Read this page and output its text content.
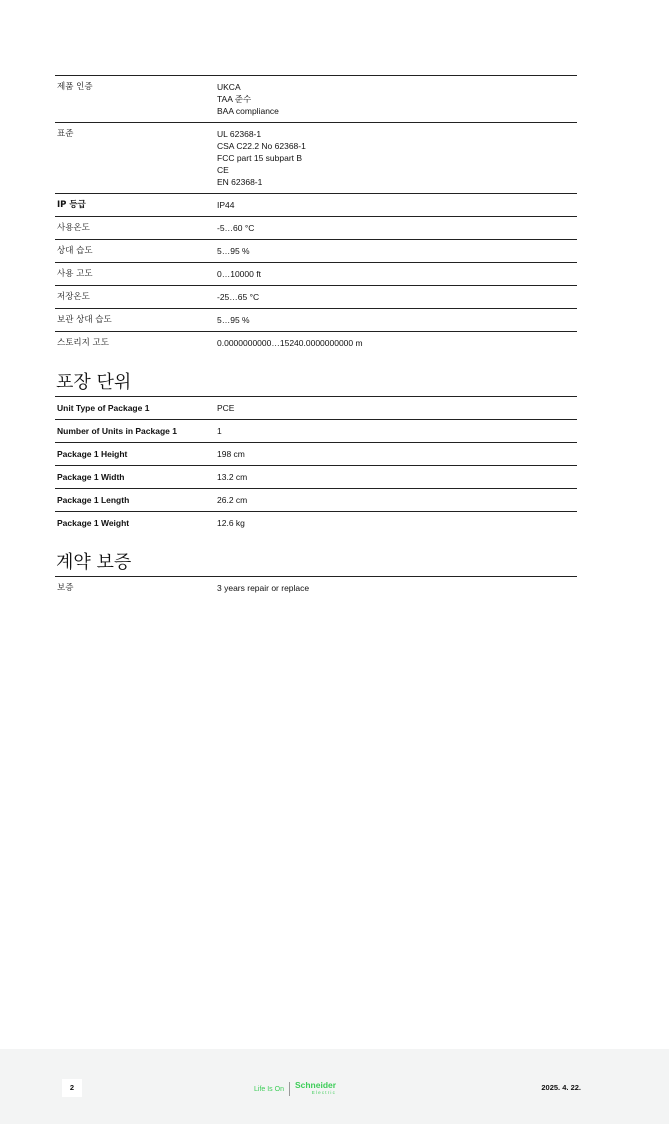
제품 인증	UKCA
TAA 준수
BAA compliance

표준	UL 62368-1
CSA C22.2 No 62368-1
FCC part 15 subpart B
CE
EN 62368-1

IP 등급	IP44

사용온도	-5…60 °C

상대 습도	5…95 %

사용 고도	0…10000 ft

저장온도	-25…65 °C

보관 상대 습도	5…95 %

스토리지 고도	0.0000000000…15240.0000000000 m
포장 단위
Unit Type of Package 1	PCE
Number of Units in Package 1	1
Package 1 Height	198 cm
Package 1 Width	13.2 cm
Package 1 Length	26.2 cm
Package 1 Weight	12.6 kg
계약 보증
보증	3 years repair or replace
2	Life Is On Schneider
Electric
2025. 4. 22.
